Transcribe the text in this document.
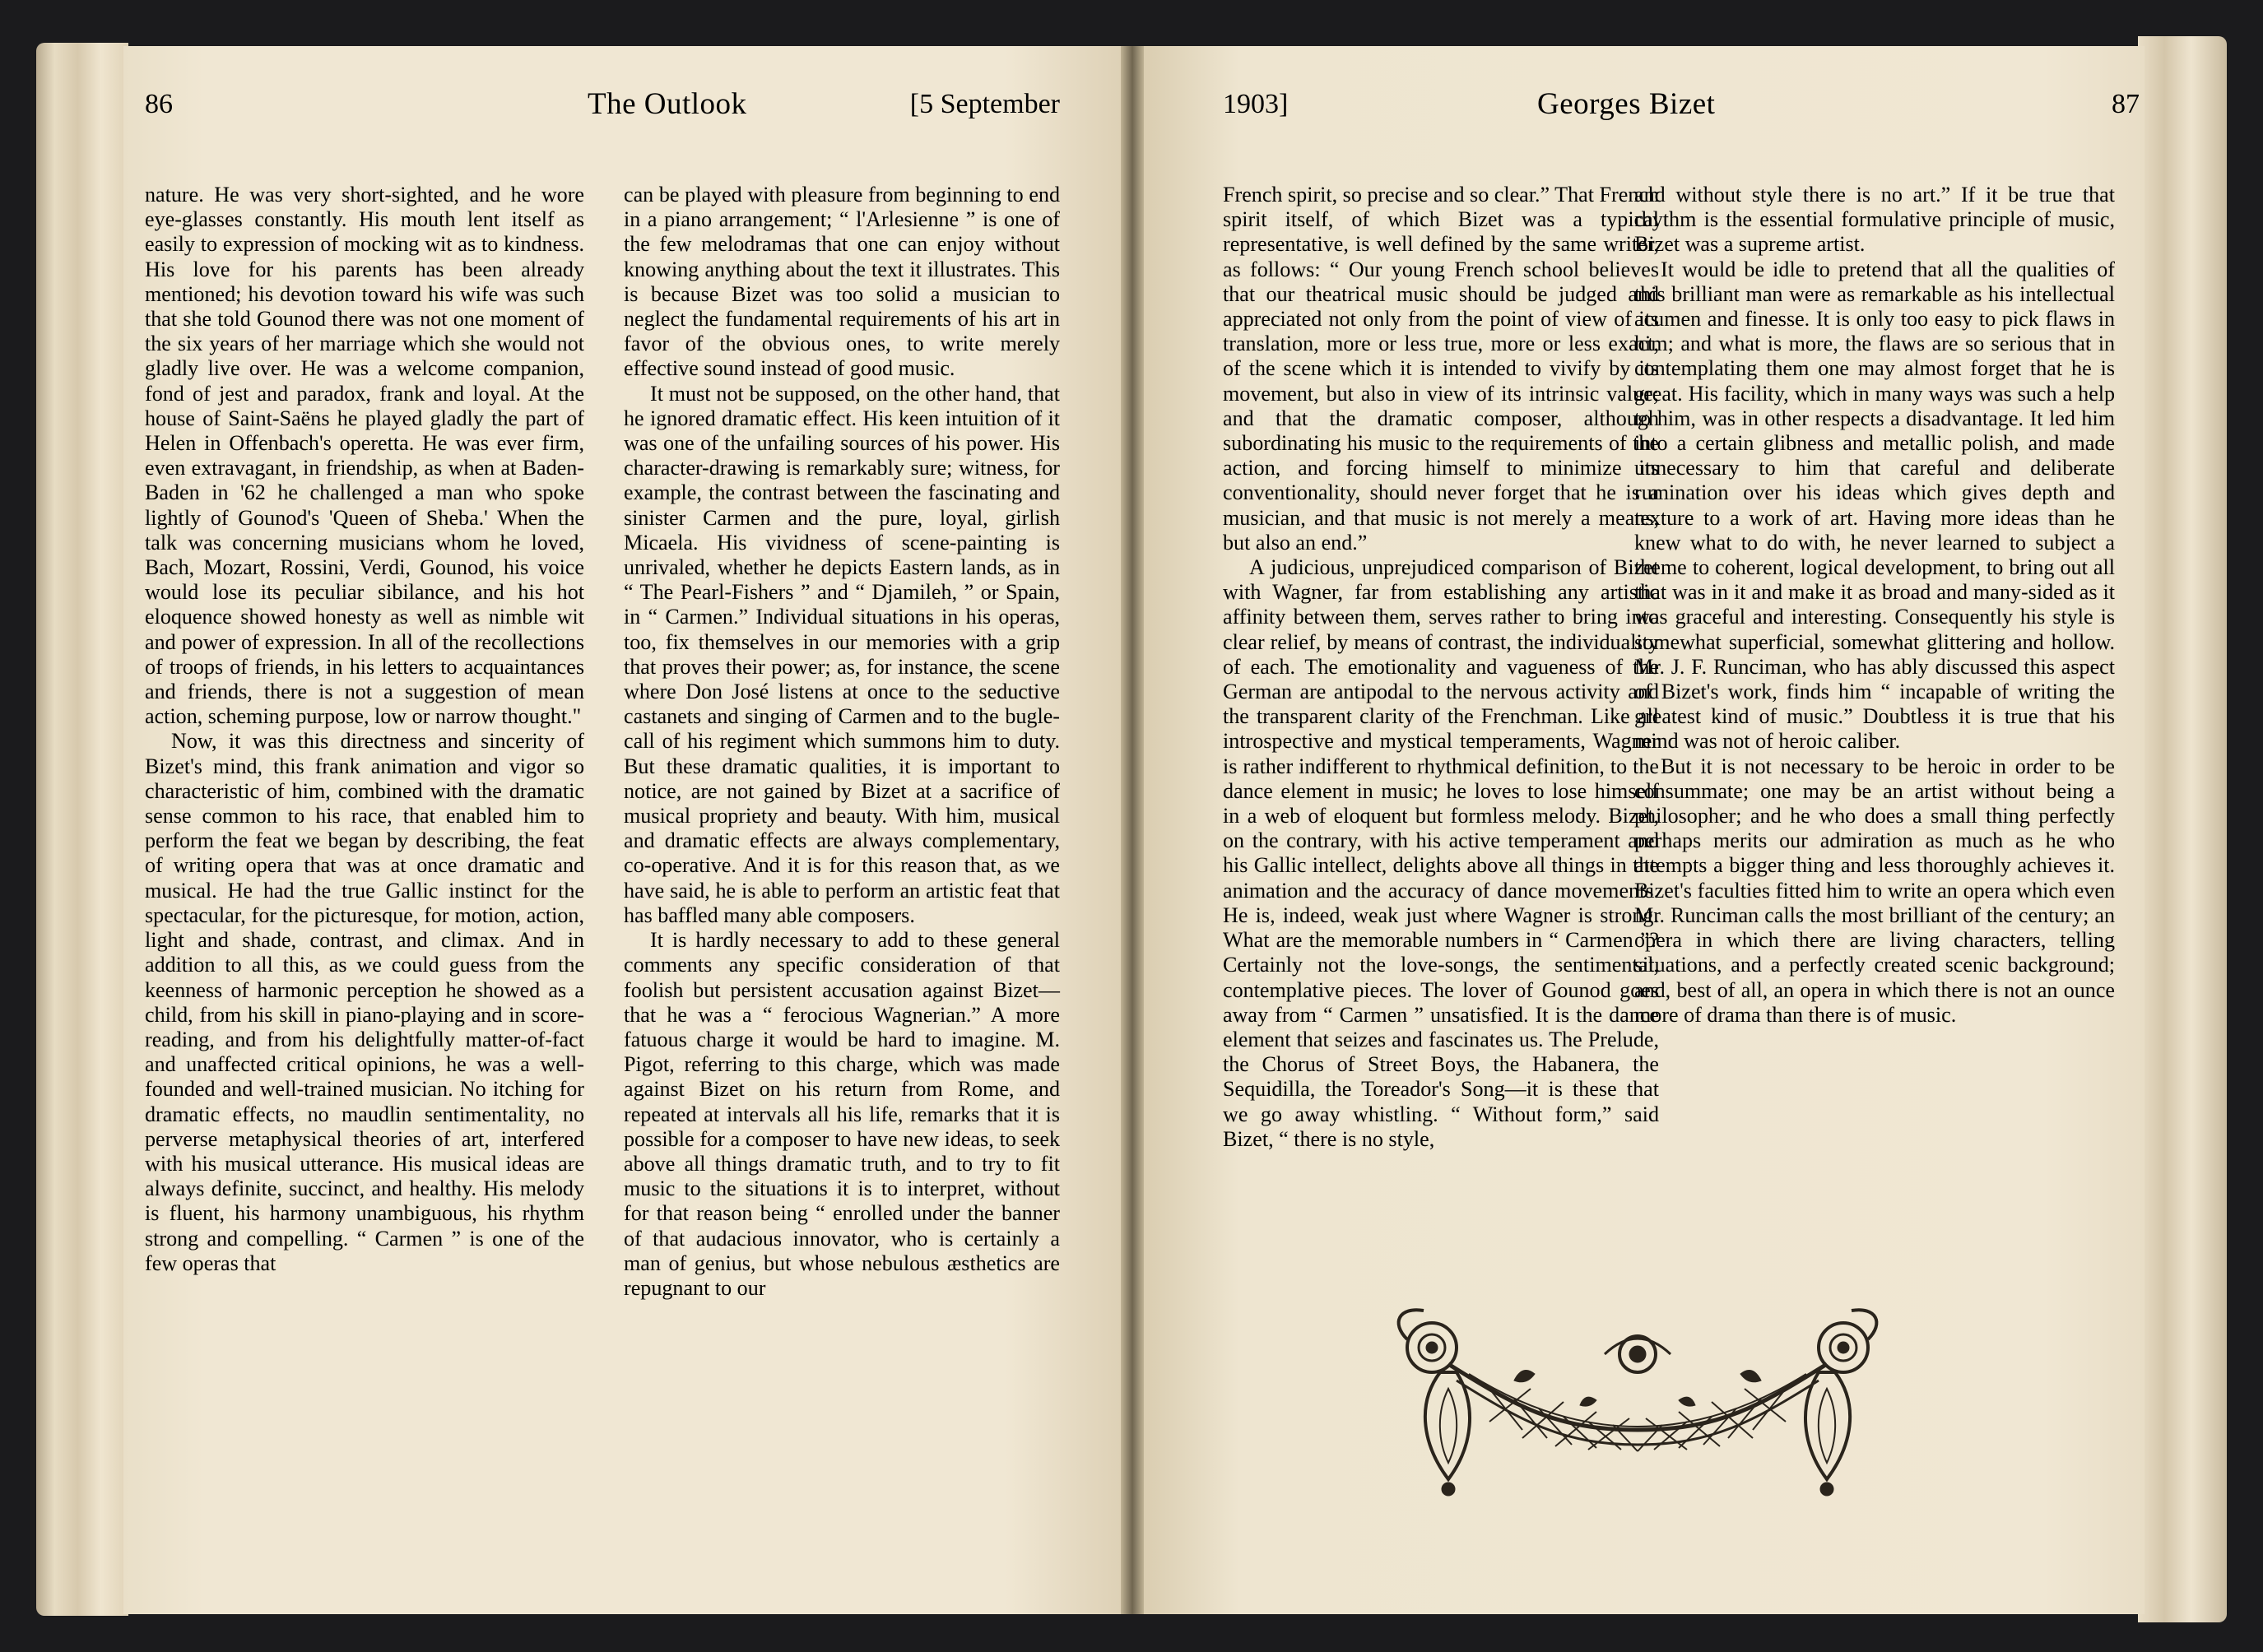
86	The Outlook	[5 September

natu⁠re. He was very short-sighted, and he wore eye-glasses constantly. His mouth lent itself as easily to expression of mocking wit as to kindness. His love for his parents has been already mentioned; his devotion toward his wife was such that she told Gounod there was not one moment of the six years of her marriage which she would not gladly live over. He was a welcome companion, fond of jest and paradox, frank and loyal. At the house of Saint-Saëns he played gladly the part of Helen in Offenbach's operetta. He was ever firm, even extravagant, in friendship, as when at Baden-Baden in '62 he challenged a man who spoke lightly of Gounod's 'Queen of Sheba.' When the talk was concerning musicians whom he loved, Bach, Mozart, Rossini, Verdi, Gounod, his voice would lose its peculiar sibilance, and his hot eloquence showed honesty as well as nimble wit and power of expression. In all of the recollections of troops of friends, in his letters to acquaintances and friends, there is not a suggestion of mean action, scheming purpose, low or narrow thought."

Now, it was this directness and sincerity of Bizet's mind, this frank animation and vigor so characteristic of him, combined with the dramatic sense common to his race, that enabled him to perform the feat we began by describing, the feat of writing opera that was at once dramatic and musical. He had the true Gallic instinct for the spectacular, for the picturesque, for motion, action, light and shade, contrast, and climax. And in addition to all this, as we could guess from the keenness of harmonic perception he showed as a child, from his skill in piano-playing and in score-reading, and from his delightfully matter-of-fact and unaffected critical opinions, he was a well-founded and well-trained musician. No itching for dramatic effects, no maudlin sentimentality, no perverse metaphysical theories of art, interfered with his musical utterance. His musical ideas are always definite, succinct, and healthy. His melody is fluent, his harmony unambiguous, his rhythm strong and compelling. “ Carmen ” is one of the few operas that

can be played with pleasure from beginning to end in a piano arrangement; “ l'Arlesienne ” is one of the few melodramas that one can enjoy without knowing anything about the text it illustrates. This is because Bizet was too solid a musician to neglect the fundamental requirements of his art in favor of the obvious ones, to write merely effective sound instead of good music.

It must not be supposed, on the other hand, that he ignored dramatic effect. His keen intuition of it was one of the unfailing sources of his power. His character-drawing is remarkably sure; witness, for example, the contrast between the fascinating and sinister Carmen and the pure, loyal, girlish Micaela. His vividness of scene-painting is unrivaled, whether he depicts Eastern lands, as in “ The Pearl-Fishers ” and “ Djamileh, ” or Spain, in “ Carmen.” Individual situations in his operas, too, fix themselves in our memories with a grip that proves their power; as, for instance, the scene where Don José listens at once to the seductive castanets and singing of Carmen and to the bugle-call of his regiment which summons him to duty. But these dramatic qualities, it is important to notice, are not gained by Bizet at a sacrifice of musical propriety and beauty. With him, musical and dramatic effects are always complementary, co-operative. And it is for this reason that, as we have said, he is able to perform an artistic feat that has baffled many able composers.

It is hardly necessary to add to these general comments any specific consideration of that foolish but persistent accusation against Bizet—that he was a “ ferocious Wagnerian.” A more fatuous charge it would be hard to imagine. M. Pigot, referring to this charge, which was made against Bizet on his return from Rome, and repeated at intervals all his life, remarks that it is possible for a composer to have new ideas, to seek above all things dramatic truth, and to try to fit music to the situations it is to interpret, without for that reason being “ enrolled under the banner of that audacious innovator, who is certainly a man of genius, but whose nebulous æsthetics are repugnant to our

1903]	Georges Bizet	87

French spirit, so precise and so clear.” That French spirit itself, of which Bizet was a typical representative, is well defined by the same writer, as follows: “ Our young French school believes that our theatrical music should be judged and appreciated not only from the point of view of its translation, more or less true, more or less exact, of the scene which it is intended to vivify by its movement, but also in view of its intrinsic value; and that the dramatic composer, although subordinating his music to the requirements of the action, and forcing himself to minimize its conventionality, should never forget that he is a musician, and that music is not merely a means, but also an end.”

A judicious, unprejudiced comparison of Bizet with Wagner, far from establishing any artistic affinity between them, serves rather to bring into clear relief, by means of contrast, the individuality of each. The emotionality and vagueness of the German are antipodal to the nervous activity and the transparent clarity of the Frenchman. Like all introspective and mystical temperaments, Wagner is rather indifferent to rhythmical definition, to the dance element in music; he loves to lose himself in a web of eloquent but formless melody. Bizet, on the contrary, with his active temperament and his Gallic intellect, delights above all things in the animation and the accuracy of dance movements. He is, indeed, weak just where Wagner is strong. What are the memorable numbers in “ Carmen ”? Certainly not the love-songs, the sentimental, contemplative pieces. The lover of Gounod goes away from “ Carmen ” unsatisfied. It is the dance element that seizes and fascinates us. The Prelude, the Chorus of Street Boys, the Habanera, the Sequidilla, the Toreador's Song—it is these that we go away whistling. “ Without form,” said Bizet, “ there is no style,

and without style there is no art.” If it be true that rhythm is the essential formulative principle of music, Bizet was a supreme artist.

It would be idle to pretend that all the qualities of this brilliant man were as remarkable as his intellectual acumen and finesse. It is only too easy to pick flaws in him; and what is more, the flaws are so serious that in contemplating them one may almost forget that he is great. His facility, which in many ways was such a help to him, was in other respects a disadvantage. It led him into a certain glibness and metallic polish, and made unnecessary to him that careful and deliberate rumination over his ideas which gives depth and texture to a work of art. Having more ideas than he knew what to do with, he never learned to subject a theme to coherent, logical development, to bring out all that was in it and make it as broad and many-sided as it was graceful and interesting. Consequently his style is somewhat superficial, somewhat glittering and hollow. Mr. J. F. Runciman, who has ably discussed this aspect of Bizet's work, finds him “ incapable of writing the greatest kind of music.” Doubtless it is true that his mind was not of heroic caliber.

But it is not necessary to be heroic in order to be consummate; one may be an artist without being a philosopher; and he who does a small thing perfectly perhaps merits our admiration as much as he who attempts a bigger thing and less thoroughly achieves it. Bizet's faculties fitted him to write an opera which even Mr. Runciman calls the most brilliant of the century; an opera in which there are living characters, telling situations, and a perfectly created scenic background; and, best of all, an opera in which there is not an ounce more of drama than there is of music.
